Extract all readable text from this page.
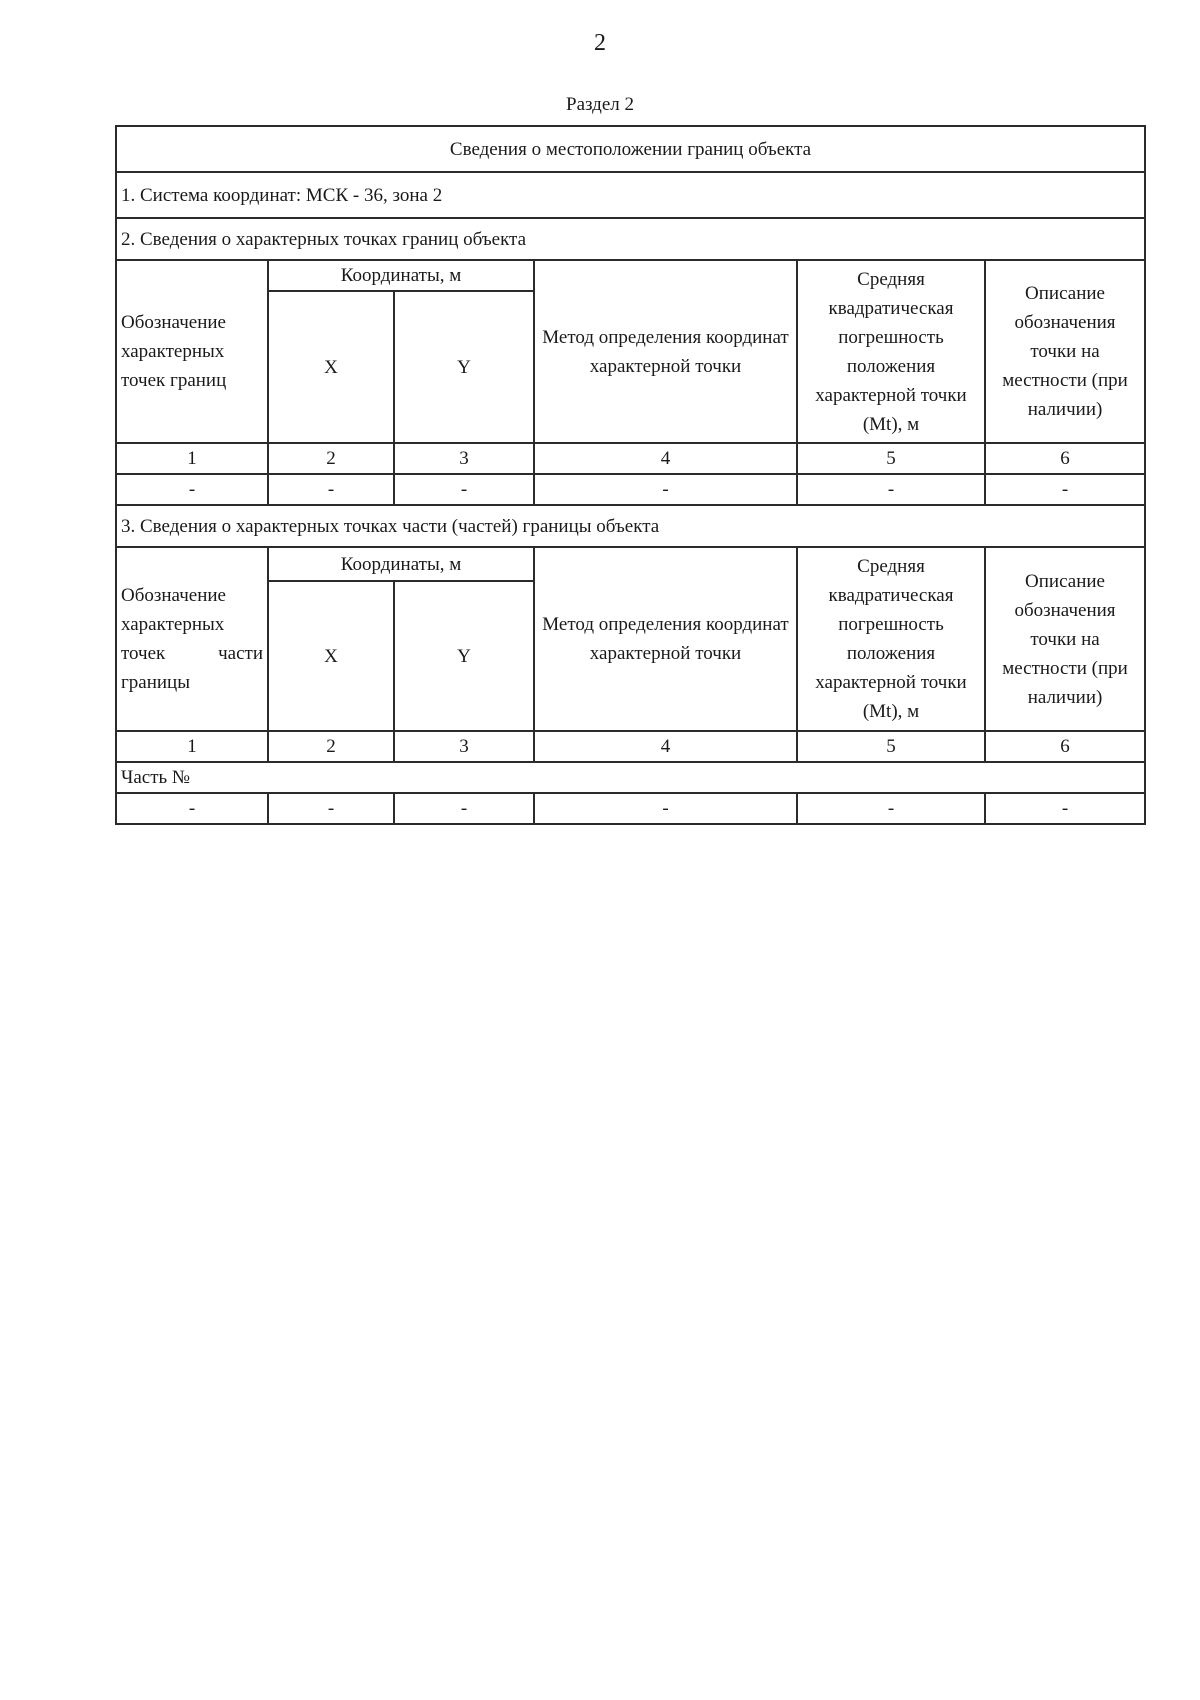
2
Раздел 2
Сведения о местоположении границ объекта					
1. Система координат: МСК - 36, зона 2					
2. Сведения о характерных точках границ объекта					
Обозначение характерных точек границ	Координаты, м		Метод определения координат характерной точки	Средняя квадратическая погрешность положения характерной точки (Mt), м	Описание обозначения точки на местности (при наличии)
	X	Y			
1	2	3	4	5	6
-	-	-	-	-	-
3. Сведения о характерных точках части (частей) границы объекта					
Обозначение характерных точек части границы	Координаты, м		Метод определения координат характерной точки	Средняя квадратическая погрешность положения характерной точки (Mt), м	Описание обозначения точки на местности (при наличии)
	X	Y			
1	2	3	4	5	6
Часть №					
-	-	-	-	-	-
